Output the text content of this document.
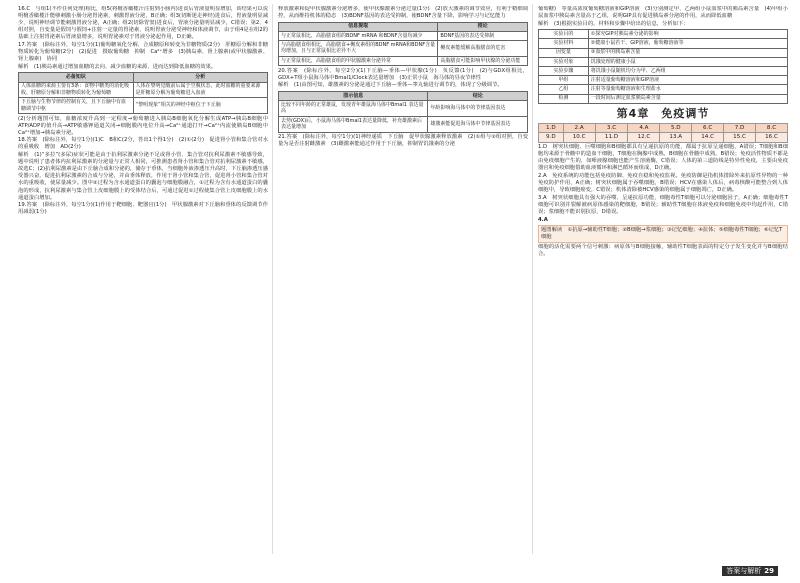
16.C　与组1(不作任何处理)相比，组5(将檀香橄榄汁注射到小肠内)进食后胃液量明显增加，该结果可以说明檀香橄榄汁能够刺激小肠分泌胃泌素，刺激胃液分泌，B正确；组3(切断迷走神经)进食后，胃液量明显减少，说明神经调节能刺激胃液分泌，A正确；组2(切除胃窦)进食后，胃液分泌量明显减少，C错误；第2、4组对照，自变量是假饲与假饲+注射一定量的胃泌素，说明胃液分泌受神经和体液调节，由于组4是在组2的基础上注射胃泌素后胃液量增多，说明胃泌素对于胃液分泌起作用，D正确。

17.答案　(除标注外，每空1分)(1)葡萄糖氧化分解、合成糖原和转变为非糖物质(2分)　肝糖原分解和非糖物质转化为葡萄糖(2分)　(2)促进　摄取葡萄糖　抑制　Ca²⁺增多　(3)胰岛素、肾上腺素(或甲状腺激素、肾上腺素)　协同

解析　(1)胰岛素通过增加血糖的去向、减少血糖的来源，进而达到降低血糖的效果。

必备知识	分析
人体血糖的来源主要有3条：食物中糖类的消化吸收、肝糖原分解和非糖物质转化为葡萄糖	人体在黎明觉醒前后属于空腹状态，此时血糖的重要来源是肝糖原分解为葡萄糖进入血液
下丘脑与生物节律的控制有关，且下丘脑中有血糖调节中枢	“黎明现象”相关的神经中枢位于下丘脑

(2)分析题图可知，血糖浓度升高到一定程度→葡萄糖进入胰岛B细胞氧化分解生成ATP→胰岛B细胞中ATP/ADP的值升高→ATP敏感钾通道关闭→细胞膜内电位升高→Ca²⁺通道打开→Ca²⁺内流使胰岛B细胞中Ca²⁺增加→胰岛素分泌。

18.答案　(除标注外，每空1分)(1)C　B和C(2分，答出1个得1分)　(2)①(2分)　促进肾小管和集合管对水的重吸收　增加　AD(2分)

解析　(1)“多拉”(多尿)症状可能是由于抗利尿激素分泌不足或肾小管、集合管对抗利尿激素不敏感导致，题中说明了患者体内抗利尿激素的分泌量与正常人相同，可推测患者肾小管和集合管对抗利尿激素不敏感，故选C；(2)抗利尿激素是由下丘脑合成和分泌的，储存于垂体，当细胞外液渗透压升高时，下丘脑渗透压感受器兴奋，促进抗利尿激素的合成与分泌，并由垂体释放，作用于肾小管和集合管，促进肾小管和集合管对水的重吸收，使尿量减少。图中②过程为含水通道蛋白的囊泡与细胞膜融合，①过程为含有水通道蛋白的囊泡的形成，抗利尿激素与集合管上皮细胞膜上的受体结合后，可通过促进①过程使集合管上皮细胞膜上的水通道蛋白增加。

19.答案　(除标注外，每空1分)(1)作用于靶细胞、靶器官(1分)　甲状腺激素对下丘脑和垂体的反馈调节作用减弱(1分)

释放激素和促甲状腺激素分泌增多，使甲状腺激素分泌过量(1分)　(2)放大激素的调节效应，有利于精细调控，从而维持机体的稳态　(3)BDNF基因的表达受抑制，使BDNF含量下降，影响学习与记忆能力

信息提取	推论
与正常鼠相比，高脂膳食组的BDNF mRNA 和BDNF含量均减少	BDNF基因的表达受抑制
与高脂膳食组相比，高脂膳食+槲皮素组的BDNF mRNA和BDNF含量均增加，且与正常鼠相比差异不大	槲皮素能缓解高脂膳食的危害
与正常鼠相比，高脂膳食组的甲状腺激素分泌异常	高脂膳食可能影响甲状腺的分泌功能

20.答案　(除标注外，每空2分)(1)下丘脑—垂体—甲状腺(1分)　负反馈(1分)　(2)与GDX组相比，GDX+T组小鼠海马体中Bmal1/Clock表达量增加　(3)正常小鼠　海马体的昼夜节律性

解析　(1)由图可知，雄激素的分泌是通过下丘脑—垂体—睾丸轴进行调节的，体现了分级调节。

图示信息	结论
比较不同年龄的正常雄鼠，发现青年雄鼠海马体中Bmal1 表达量高	年龄影响海马体中的节律基因表达
去势(GDX)后，小鼠海马体中Bmal1表达量降低，补充雄激素后表达量增加	雄激素能促进海马体中节律基因表达

21.答案　(除标注外，每空1分)(1)神经递质　下丘脑　促甲状腺激素释放激素　(2)①组与②组对照，自变量为是否注射雌激素　(3)雌激素能通过作用于下丘脑，抑制胃饥饿素的分泌

葡萄糖)　等量高浓度葡萄糖溶液和GIP溶液　(3)分别测定甲、乙两组小鼠血浆中的胰岛素含量　(4)甲组小鼠血浆中胰岛素含量高于乙组，说明GIP具有促进胰岛素分泌的作用，从而降低血糖

解析　(3)根据实验目的，材料和步骤中给出的信息，分析如下：

实验目的	①探究GIP对胰岛素分泌的影响
实验材料	②健康小鼠若干、GIP溶液、葡萄糖溶液等
因变量	③血浆中的胰岛素含量
实验对象	饥饿处理的健康小鼠
实验步骤	将饥饿小鼠随机均分为甲、乙两组
甲组	注射适量葡萄糖溶液和GIP溶液
乙组	注射等量葡萄糖溶液和生理盐水
检测	一段时间后测定血浆胰岛素含量
第4章　免疫调节
1.D	2.A	3.C	4.A	5.D	6.C	7.D	8.C
9.D	10.C	11.D	12.C	13.A	14.C	15.C	16.C

1.D　树突状细胞、巨噬细胞和B细胞都具有呈递抗原的功能，都属于抗原呈递细胞，A错误；T细胞和B细胞均来源于骨髓中的造血干细胞，T细胞在胸腺中成熟，B细胞在骨髓中成熟，B错误；免疫活性物质不都是由免疫细胞产生的，如唾液腺细胞也能产生溶菌酶，C错误；人体的第三道防线是特异性免疫，主要由免疫器官和免疫细胞借助血液循环和淋巴循环而组成，D正确。

2.A　免疫系统的功能包括免疫防御、免疫自稳和免疫监视。免疫防御是指机体排除外来抗原性异物的一种免疫防护作用，A正确；树突状细胞属于吞噬细胞，B错误；HCV在感染人体后，病毒核酸可能整合到人体细胞中，导致细胞癌变，C错误；机体清除被HCV感染的细胞属于细胞凋亡，D正确。

3.A　树突状细胞具有强大的吞噬、呈递抗原功能，细胞毒性T细胞可以分泌细胞因子，A正确；细胞毒性T细胞可识别并裂解被病原体感染的靶细胞，B错误；辅助性T细胞在体液免疫和细胞免疫中均起作用，C错误；浆细胞不能识别抗原，D错误。

4.A

题图解读　①抗原→辅助性T细胞；②B细胞→浆细胞；③记忆细胞；④抗体；⑤细胞毒性T细胞；⑥记忆T细胞

细胞的活化需要两个信号刺激：病原体与B细胞接触，辅助性T细胞表面的特定分子发生变化并与B细胞结合。

答案与解析 29
